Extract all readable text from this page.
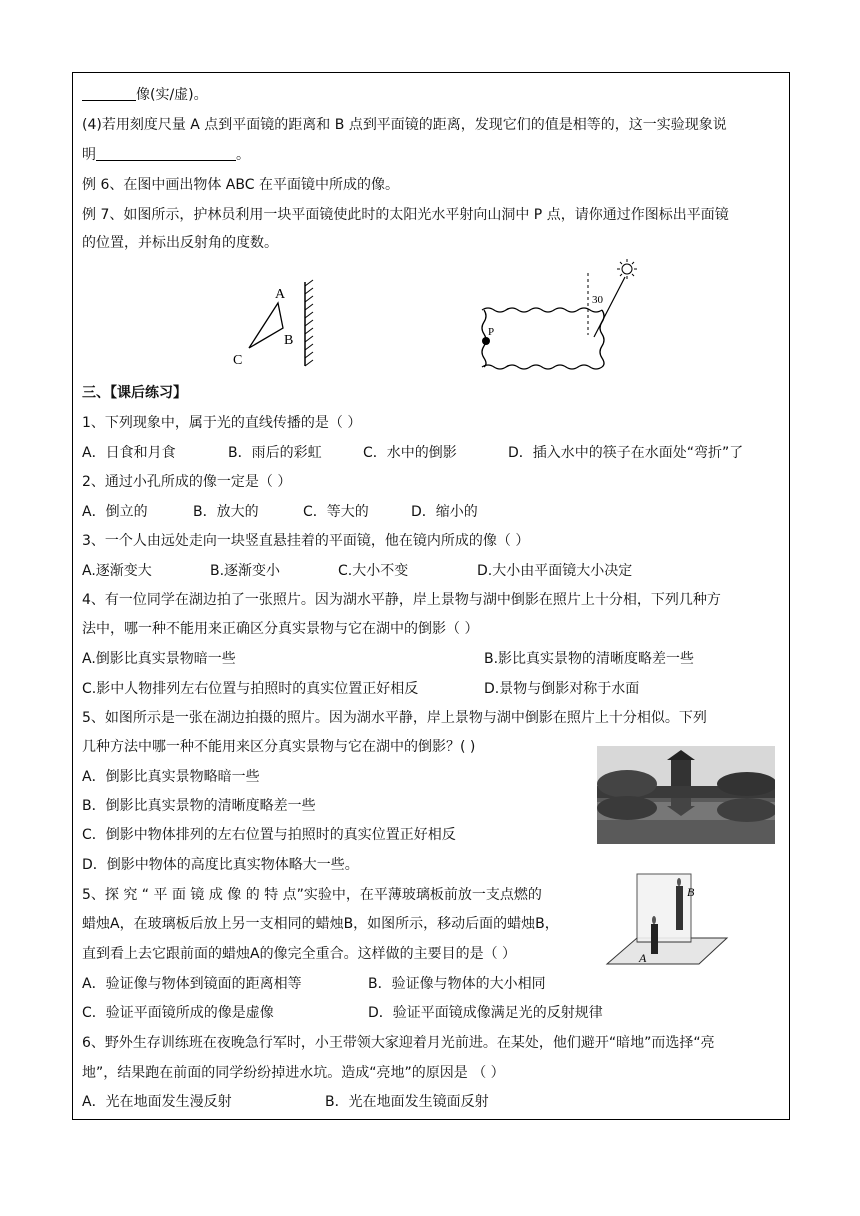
像(实/虚)。
(4)若用刻度尺量 A 点到平面镜的距离和 B 点到平面镜的距离，发现它们的值是相等的，这一实验现象说
明	。
例 6、在图中画出物体 ABC 在平面镜中所成的像。
例 7、如图所示，护林员利用一块平面镜使此时的太阳光水平射向山洞中 P 点，请你通过作图标出平面镜
的位置，并标出反射角的度数。
A
B
C
P
30
三、【课后练习】
1、下列现象中，属于光的直线传播的是（ ）
A．日食和月食	B．雨后的彩虹	C．水中的倒影	D．插入水中的筷子在水面处“弯折”了
2、通过小孔所成的像一定是（ ）
A．倒立的	B．放大的	C．等大的	D．缩小的
3、一个人由远处走向一块竖直悬挂着的平面镜，他在镜内所成的像（ ）
A.逐渐变大	B.逐渐变小	C.大小不变	D.大小由平面镜大小决定
4、有一位同学在湖边拍了一张照片。因为湖水平静，岸上景物与湖中倒影在照片上十分相，下列几种方
法中，哪一种不能用来正确区分真实景物与它在湖中的倒影（ ）
A.倒影比真实景物暗一些	B.影比真实景物的清晰度略差一些
C.影中人物排列左右位置与拍照时的真实位置正好相反	D.景物与倒影对称于水面
5、如图所示是一张在湖边拍摄的照片。因为湖水平静，岸上景物与湖中倒影在照片上十分相似。下列
几种方法中哪一种不能用来区分真实景物与它在湖中的倒影？( )
A．倒影比真实景物略暗一些
B．倒影比真实景物的清晰度略差一些
C．倒影中物体排列的左右位置与拍照时的真实位置正好相反
D．倒影中物体的高度比真实物体略大一些。
5、探 究 “ 平 面 镜 成 像 的 特 点”实验中，在平薄玻璃板前放一支点燃的
蜡烛A，在玻璃板后放上另一支相同的蜡烛B，如图所示，移动后面的蜡烛B，
直到看上去它跟前面的蜡烛A的像完全重合。这样做的主要目的是（ ）
A．验证像与物体到镜面的距离相等	B．验证像与物体的大小相同
C．验证平面镜所成的像是虚像	D．验证平面镜成像满足光的反射规律
B
A
6、野外生存训练班在夜晚急行军时，小王带领大家迎着月光前进。在某处，他们避开“暗地”而选择“亮
地”，结果跑在前面的同学纷纷掉进水坑。造成“亮地”的原因是 （ ）
A．光在地面发生漫反射	B．光在地面发生镜面反射
